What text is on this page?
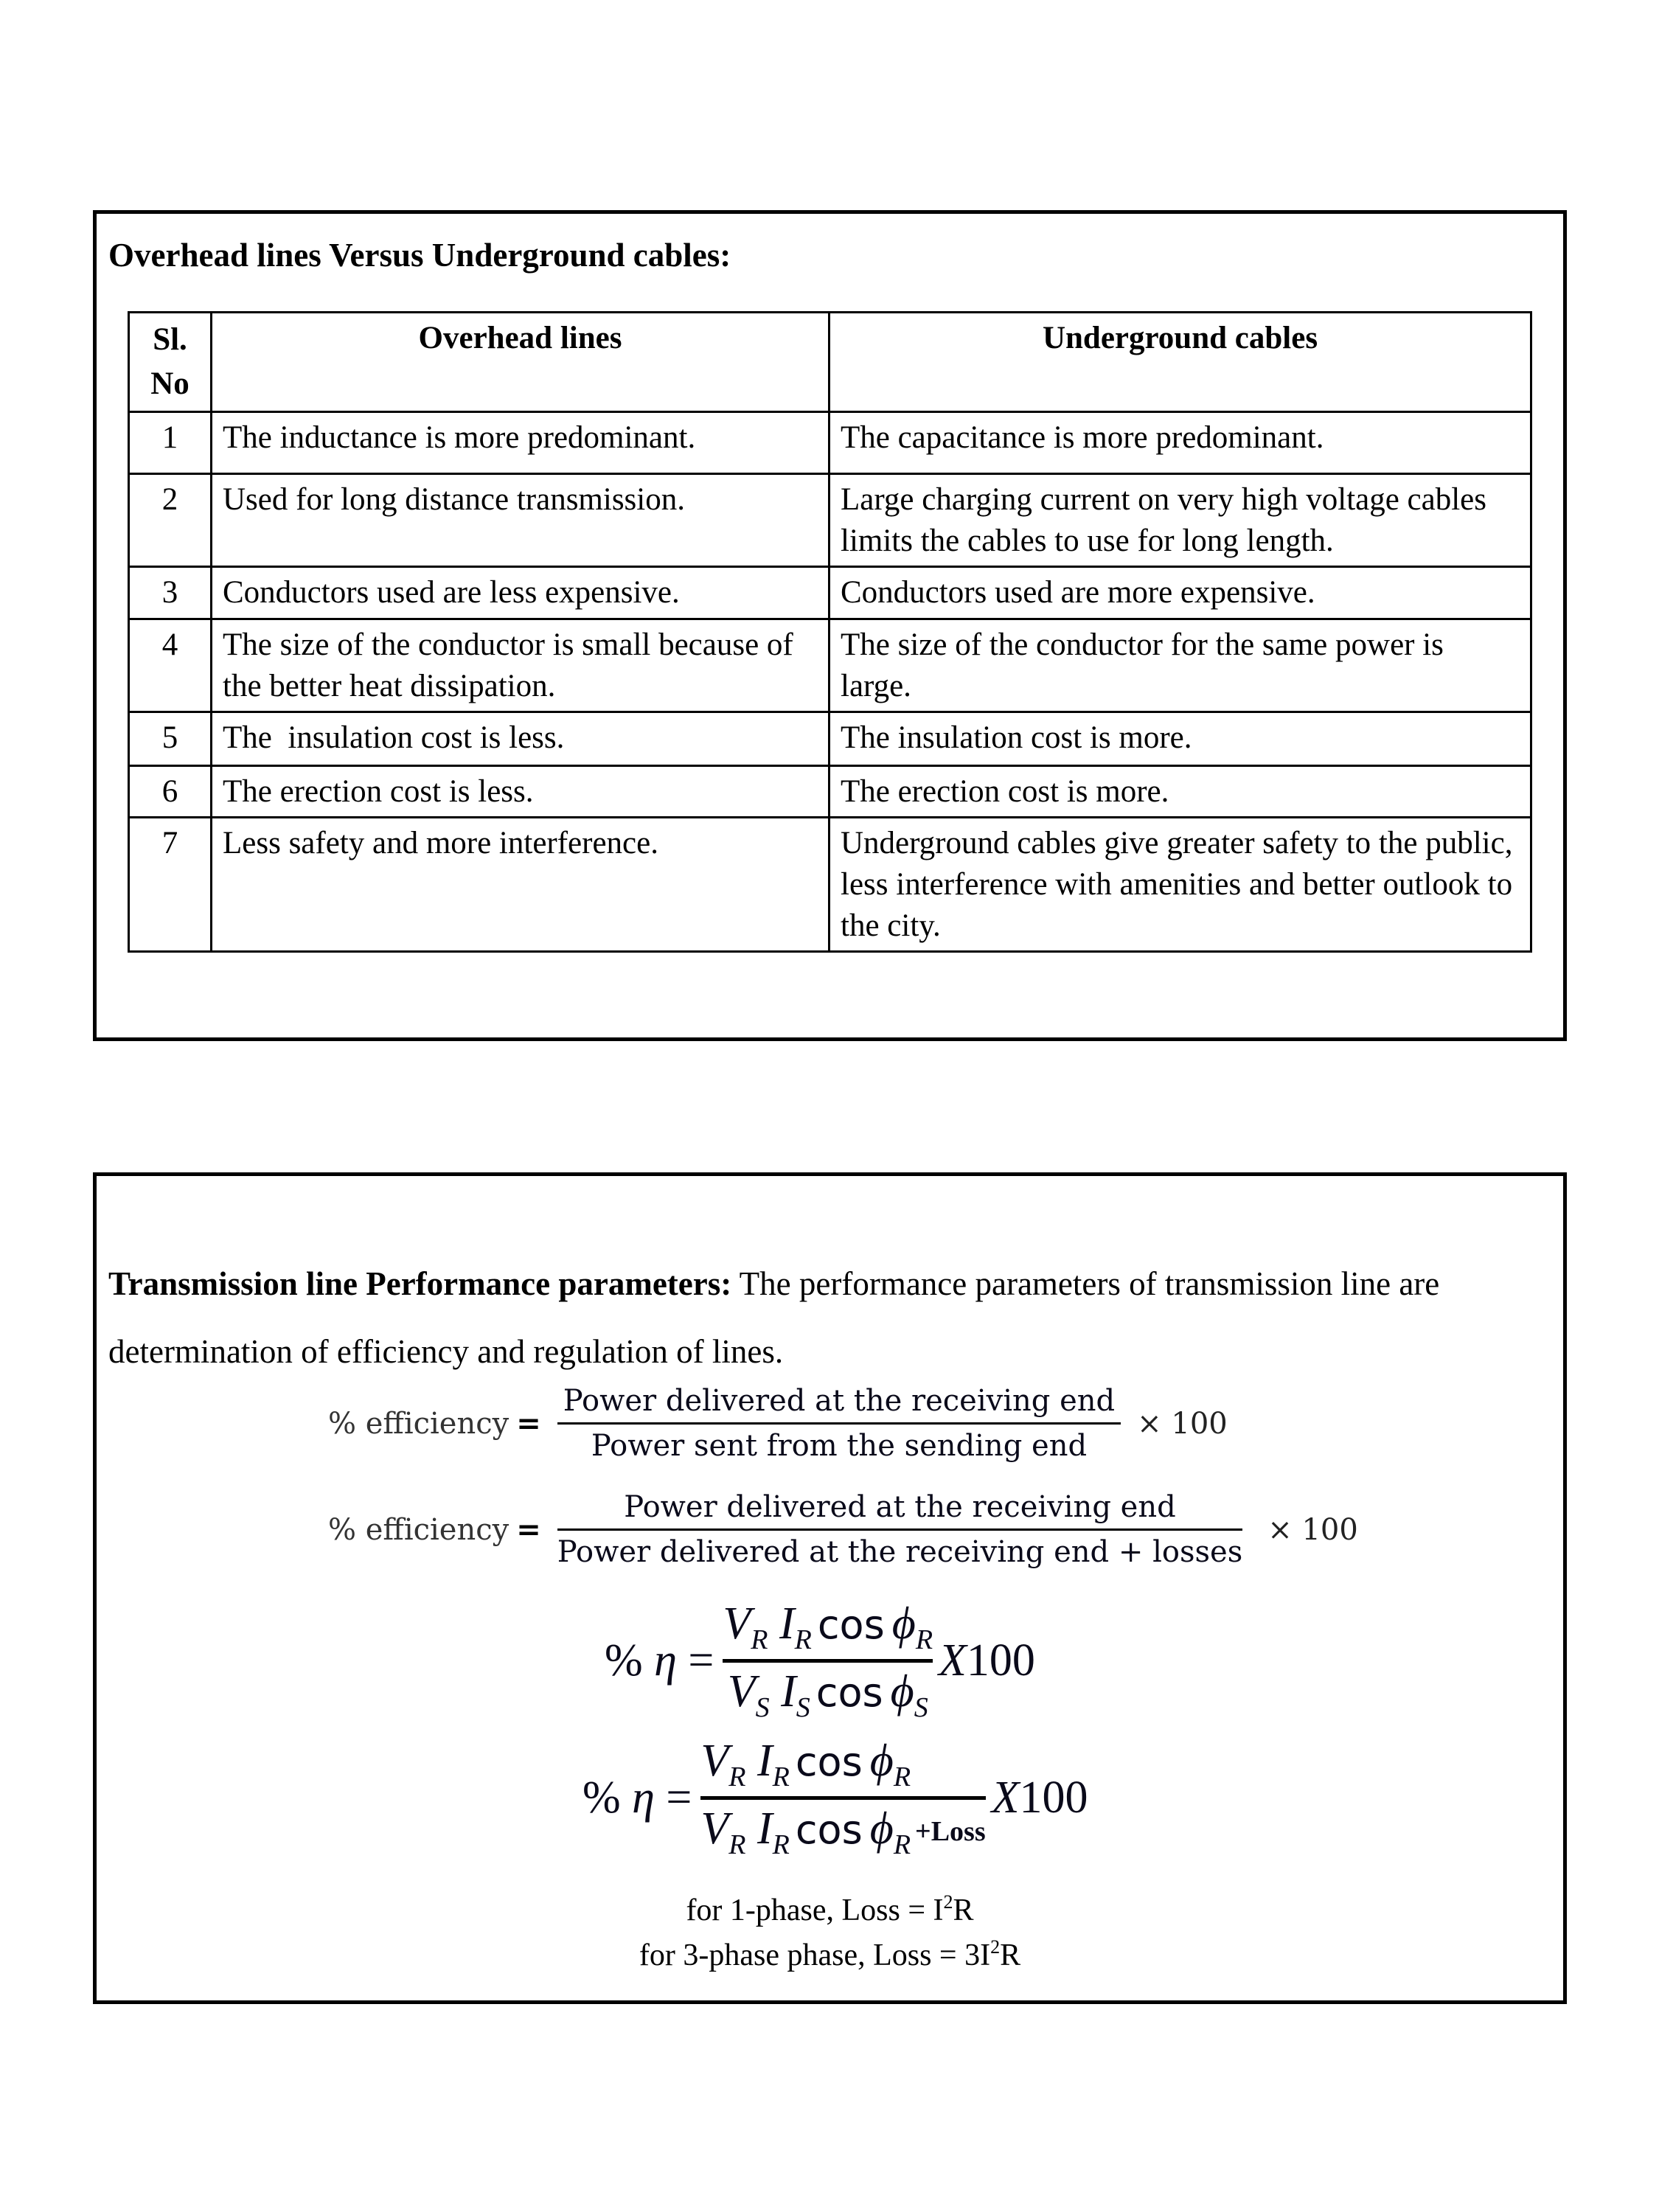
Overhead lines Versus Underground cables:
Sl.
No	Overhead lines	Underground cables
1	The inductance is more predominant.	The capacitance is more predominant.
2	Used for long distance transmission.	Large charging current on very high voltage cables limits the cables to use for long length.
3	Conductors used are less expensive.	Conductors used are more expensive.
4	The size of the conductor is small because of the better heat dissipation.	The size of the conductor for the same power is large.
5	The  insulation cost is less.	The insulation cost is more.
6	The erection cost is less.	The erection cost is more.
7	Less safety and more interference.	Underground cables give greater safety to the public, less interference with amenities and better outlook to the city.

Transmission line Performance parameters: The performance parameters of transmission line are determination of efficiency and regulation of lines.

% efficiency = $\frac{\text{Power delivered at the receiving end}}{\text{Power sent from the sending end}} \times 100$
% efficiency = $\frac{\text{Power delivered at the receiving end}}{\text{Power delivered at the receiving end + losses}} \times 100$
% η =
$V_R$ $I_R$ $\cos \phi_R$
$V_S$ $I_S$ $\cos \phi_S$
X100
% η =
$V_R$ $I_R$ $\cos \phi_R$
$V_R$ $I_R$ $\cos \phi_R$ +Loss
X100

for 1-phase, Loss = $I^2R$

for 3-phase phase, Loss = $3I^2R$
